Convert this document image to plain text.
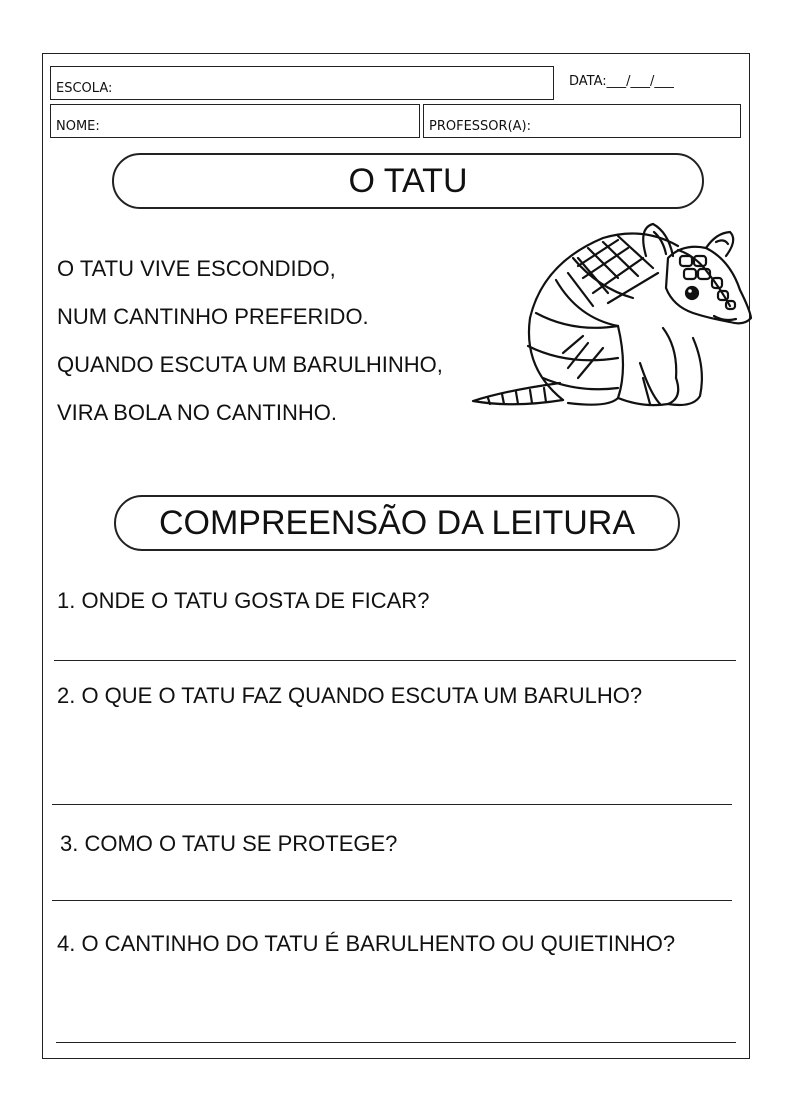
ESCOLA:	DATA:___/___/___
NOME:	PROFESSOR(A):
O TATU
O TATU VIVE ESCONDIDO,
NUM CANTINHO PREFERIDO.
QUANDO ESCUTA UM BARULHINHO,
VIRA BOLA NO CANTINHO.
COMPREENSÃO DA LEITURA
1. ONDE O TATU GOSTA DE FICAR?
2. O QUE O TATU FAZ QUANDO ESCUTA UM BARULHO?
3. COMO O TATU SE PROTEGE?
4. O CANTINHO DO TATU É BARULHENTO OU QUIETINHO?
